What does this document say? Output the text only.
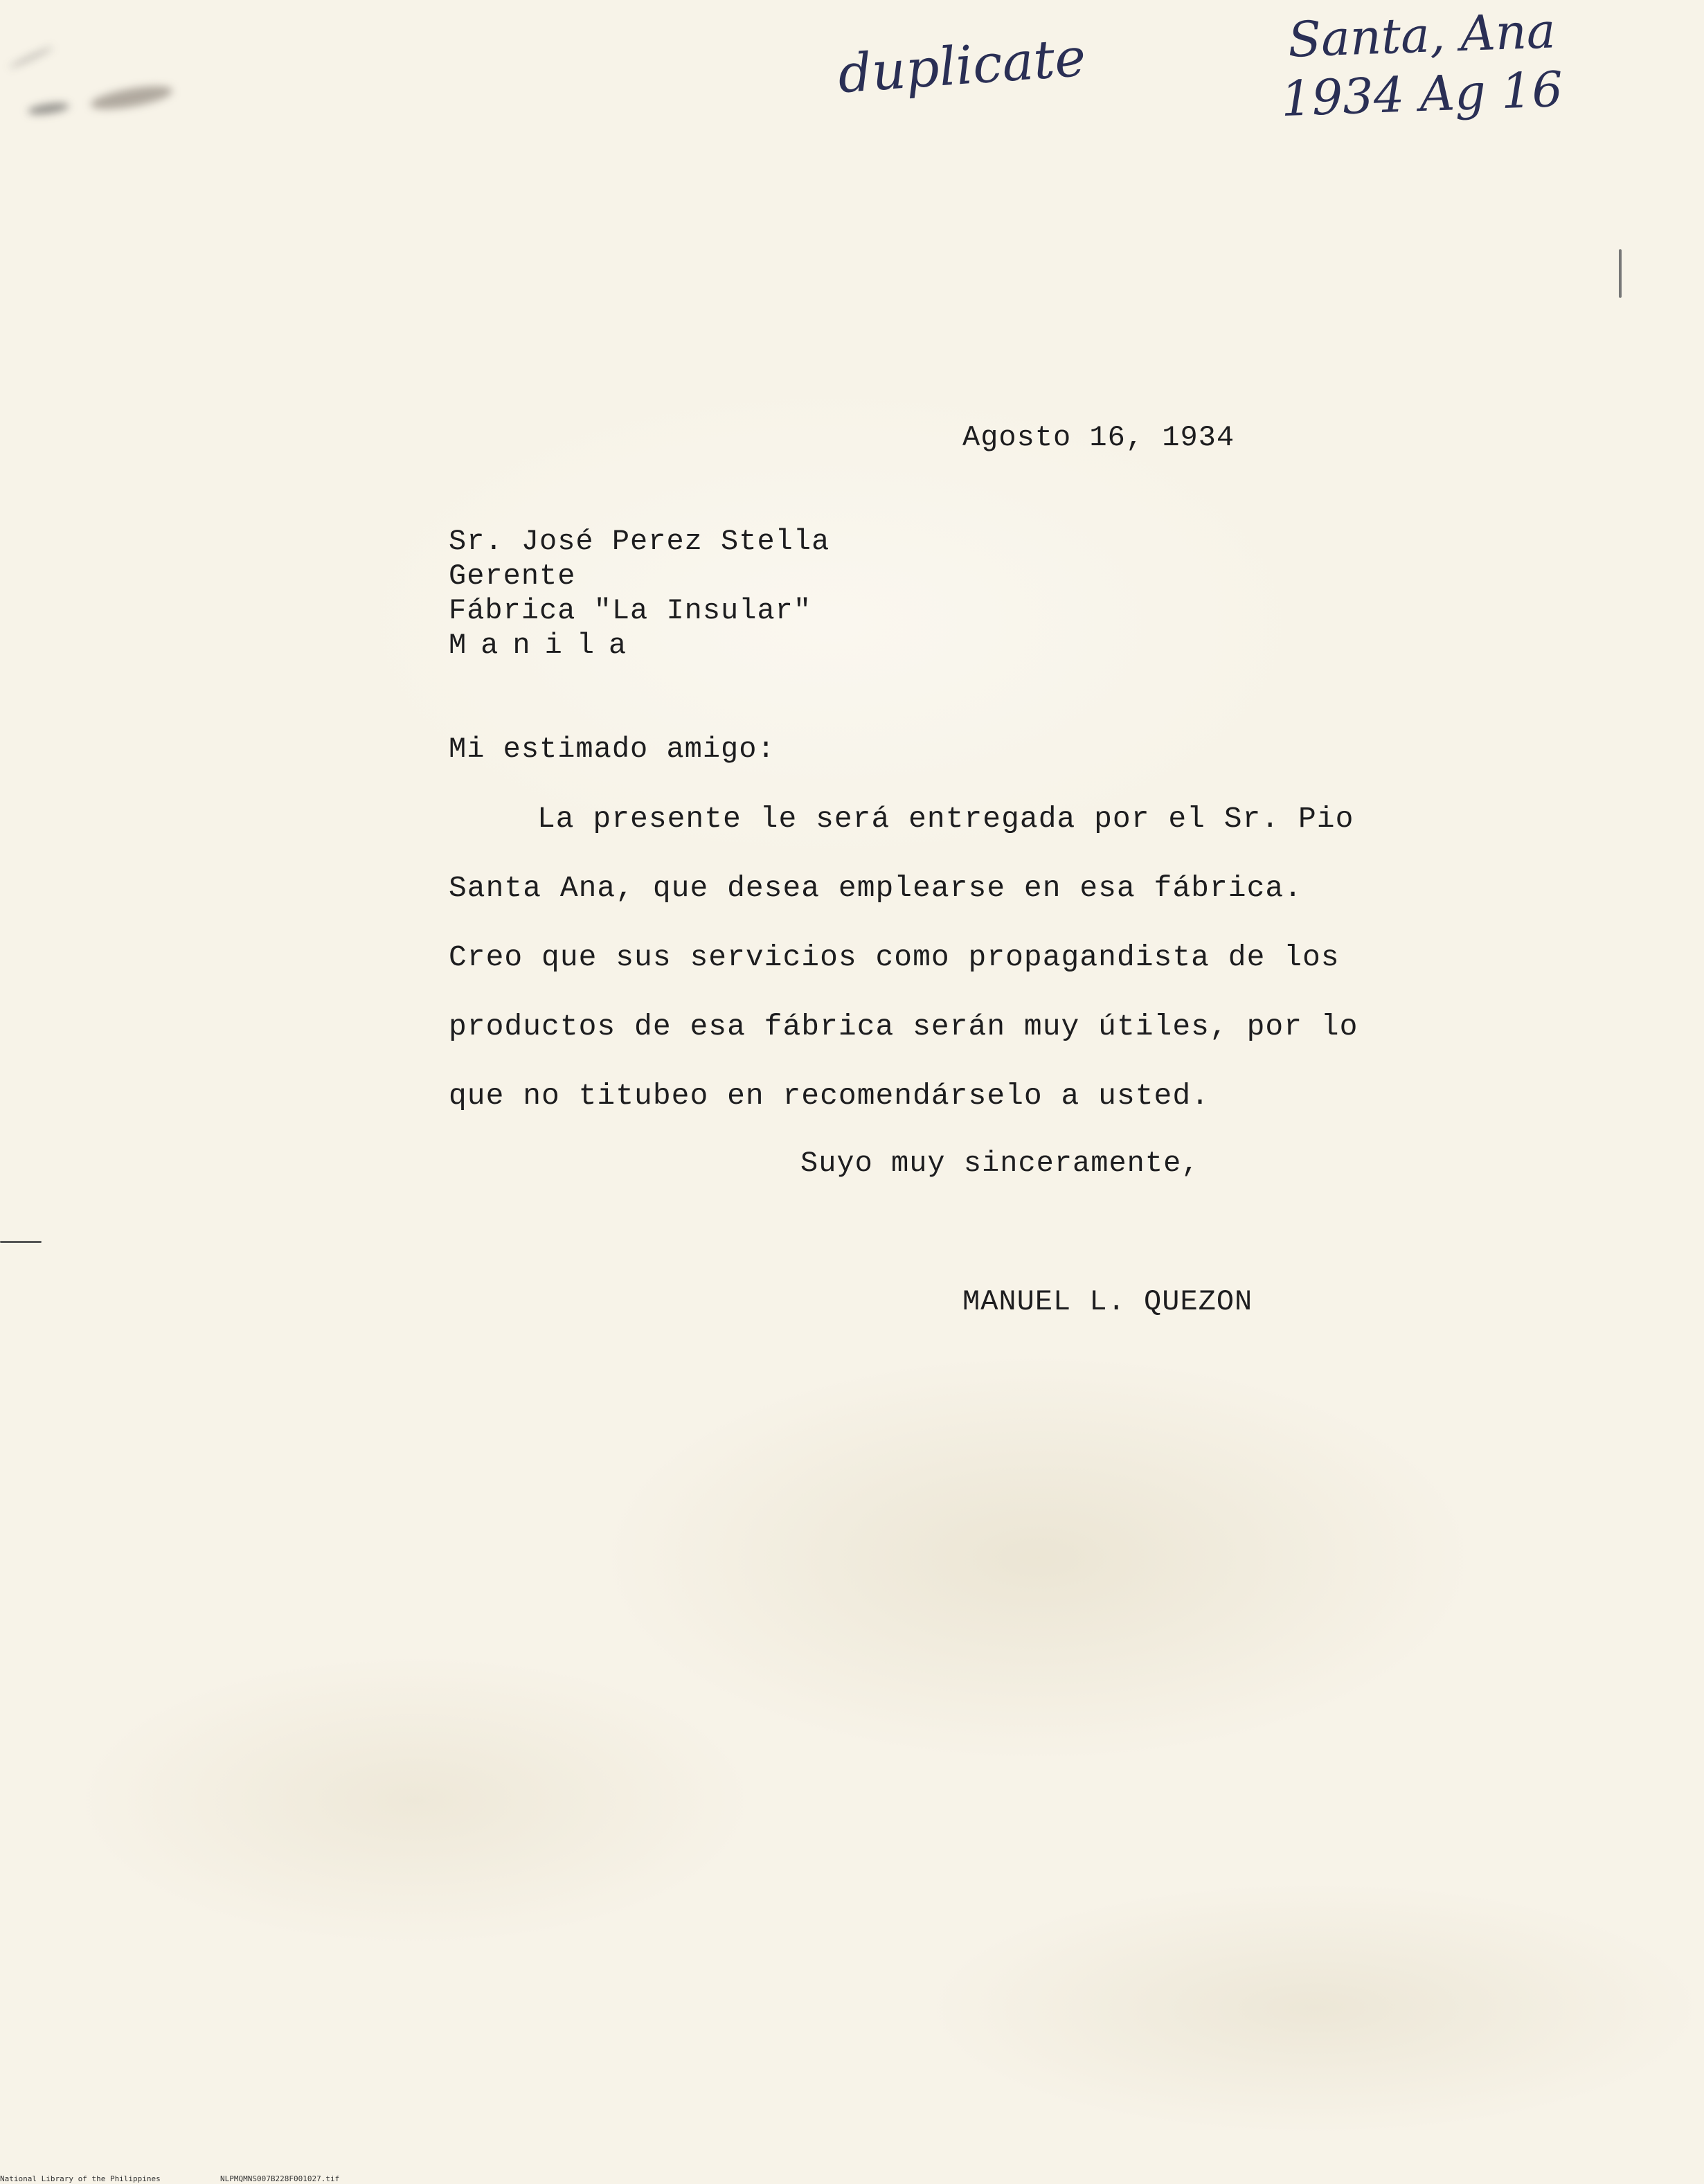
duplicate	Santa, Ana
1934 Ag 16
Agosto 16, 1934
Sr. José Perez Stella
Gerente
Fábrica "La Insular"
Manila
Mi estimado amigo:
La presente le será entregada por el Sr. Pio
Santa Ana, que desea emplearse en esa fábrica.
Creo que sus servicios como propagandista de los
productos de esa fábrica serán muy útiles, por lo
que no titubeo en recomendárselo a usted.
Suyo muy sinceramente,
MANUEL L. QUEZON
National Library of the Philippines	NLPMQMNS007B228F001027.tif
